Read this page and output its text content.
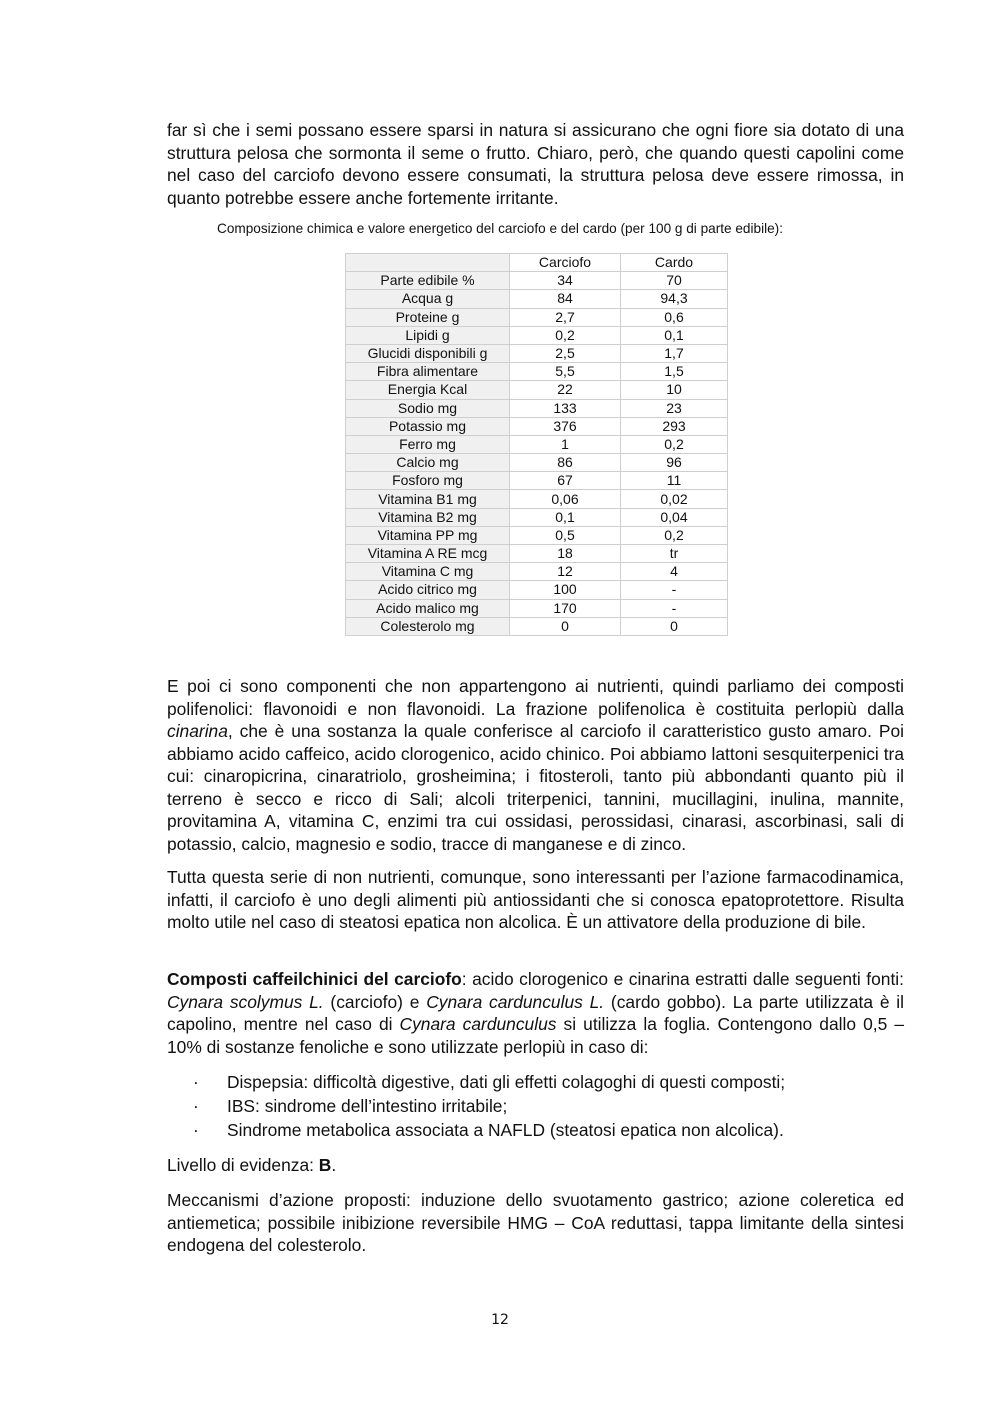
far sì che i semi possano essere sparsi in natura si assicurano che ogni fiore sia dotato di una struttura pelosa che sormonta il seme o frutto. Chiaro, però, che quando questi capolini come nel caso del carciofo devono essere consumati, la struttura pelosa deve essere rimossa, in quanto potrebbe essere anche fortemente irritante.

Composizione chimica e valore energetico del carciofo e del cardo (per 100 g di parte edibile):
	Carciofo	Cardo
Parte edibile %	34	70
Acqua g	84	94,3
Proteine g	2,7	0,6
Lipidi g	0,2	0,1
Glucidi disponibili g	2,5	1,7
Fibra alimentare	5,5	1,5
Energia Kcal	22	10
Sodio mg	133	23
Potassio mg	376	293
Ferro mg	1	0,2
Calcio mg	86	96
Fosforo mg	67	11
Vitamina B1 mg	0,06	0,02
Vitamina B2 mg	0,1	0,04
Vitamina PP mg	0,5	0,2
Vitamina A RE mcg	18	tr
Vitamina C mg	12	4
Acido citrico mg	100	-
Acido malico mg	170	-
Colesterolo mg	0	0

E poi ci sono componenti che non appartengono ai nutrienti, quindi parliamo dei composti polifenolici: flavonoidi e non flavonoidi. La frazione polifenolica è costituita perlopiù dalla cinarina, che è una sostanza la quale conferisce al carciofo il caratteristico gusto amaro. Poi abbiamo acido caffeico, acido clorogenico, acido chinico. Poi abbiamo lattoni sesquiterpenici tra cui: cinaropicrina, cinaratriolo, grosheimina; i fitosteroli, tanto più abbondanti quanto più il terreno è secco e ricco di Sali; alcoli triterpenici, tannini, mucillagini, inulina, mannite, provitamina A, vitamina C, enzimi tra cui ossidasi, perossidasi, cinarasi, ascorbinasi, sali di potassio, calcio, magnesio e sodio, tracce di manganese e di zinco.

Tutta questa serie di non nutrienti, comunque, sono interessanti per l’azione farmacodinamica, infatti, il carciofo è uno degli alimenti più antiossidanti che si conosca epatoprotettore. Risulta molto utile nel caso di steatosi epatica non alcolica. È un attivatore della produzione di bile.

Composti caffeilchinici del carciofo: acido clorogenico e cinarina estratti dalle seguenti fonti: Cynara scolymus L. (carciofo) e Cynara cardunculus L. (cardo gobbo). La parte utilizzata è il capolino, mentre nel caso di Cynara cardunculus si utilizza la foglia. Contengono dallo 0,5 – 10% di sostanze fenoliche e sono utilizzate perlopiù in caso di:

· Dispepsia: difficoltà digestive, dati gli effetti colagoghi di questi composti;
· IBS: sindrome dell’intestino irritabile;
· Sindrome metabolica associata a NAFLD (steatosi epatica non alcolica).

Livello di evidenza: B.

Meccanismi d’azione proposti: induzione dello svuotamento gastrico; azione coleretica ed antiemetica; possibile inibizione reversibile HMG – CoA reduttasi, tappa limitante della sintesi endogena del colesterolo.

12
